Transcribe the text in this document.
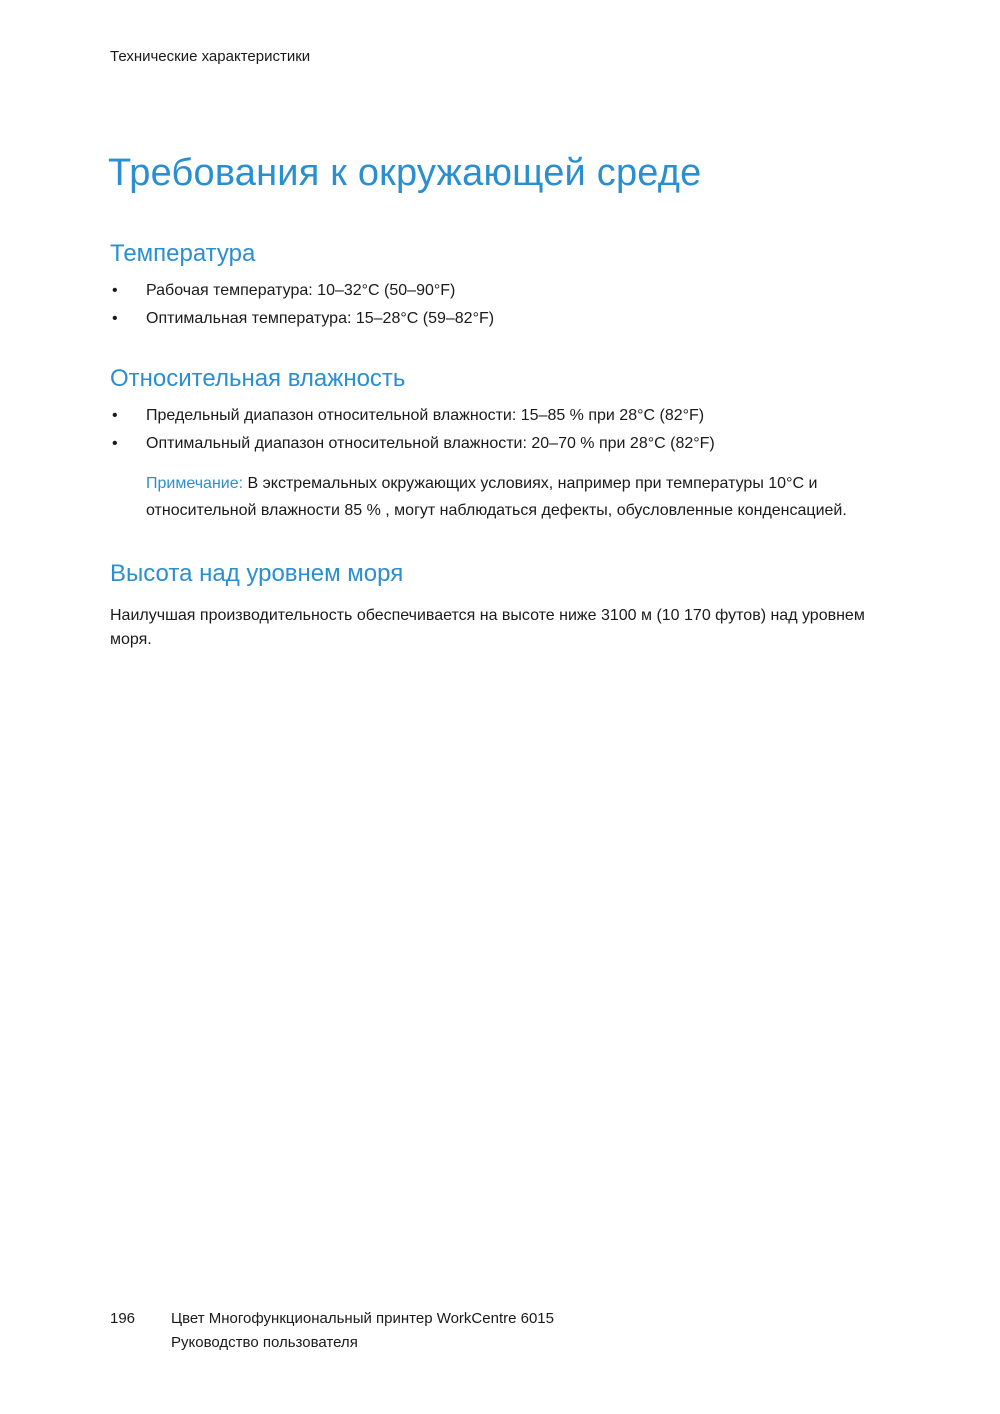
Технические характеристики
Требования к окружающей среде
Температура
• Рабочая температура: 10–32°C (50–90°F)
• Оптимальная температура: 15–28°C (59–82°F)
Относительная влажность
• Предельный диапазон относительной влажности: 15–85 % при 28°C (82°F)
• Оптимальный диапазон относительной влажности: 20–70 % при 28°C (82°F)
Примечание: В экстремальных окружающих условиях, например при температуры 10°C и относительной влажности 85 % , могут наблюдаться дефекты, обусловленные конденсацией.
Высота над уровнем моря

Наилучшая производительность обеспечивается на высоте ниже 3100 м (10 170 футов) над уровнем моря.

196	Цвет Многофункциональный принтер WorkCentre 6015
Руководство пользователя
